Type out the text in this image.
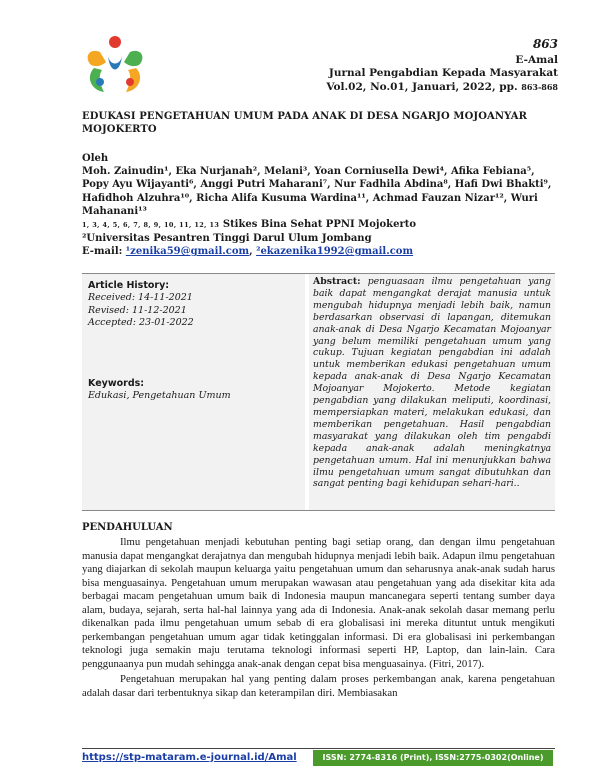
863
E-Amal
Jurnal Pengabdian Kepada Masyarakat
Vol.02, No.01, Januari, 2022, pp. 863-868
EDUKASI PENGETAHUAN UMUM PADA ANAK DI DESA NGARJO MOJOANYAR MOJOKERTO

Oleh

Moh. Zainudin¹, Eka Nurjanah², Melani³, Yoan Corniusella Dewi⁴, Afika Febiana⁵, Popy Ayu Wijayanti⁶, Anggi Putri Maharani⁷, Nur Fadhila Abdina⁸, Hafi Dwi Bhakti⁹, Hafidhoh Alzuhra¹⁰, Richa Alifa Kusuma Wardina¹¹, Achmad Fauzan Nizar¹², Wuri Mahanani¹³

1, 3, 4, 5, 6, 7, 8, 9, 10, 11, 12, 13 Stikes Bina Sehat PPNI Mojokerto

²Universitas Pesantren Tinggi Darul Ulum Jombang

E-mail: ¹zenika59@gmail.com, ²ekazenika1992@gmail.com

Article History:
Received: 14-11-2021
Revised: 11-12-2021
Accepted: 23-01-2022
Keywords:
Edukasi, Pengetahuan Umum
Abstract: penguasaan ilmu pengetahuan yang baik dapat mengangkat derajat manusia untuk mengubah hidupnya menjadi lebih baik, namun berdasarkan observasi di lapangan, ditemukan anak-anak di Desa Ngarjo Kecamatan Mojoanyar yang belum memiliki pengetahuan umum yang cukup. Tujuan kegiatan pengabdian ini adalah untuk memberikan edukasi pengetahuan umum kepada anak-anak di Desa Ngarjo Kecamatan Mojoanyar Mojokerto. Metode kegiatan pengabdian yang dilakukan meliputi, koordinasi, mempersiapkan materi, melakukan edukasi, dan memberikan pengetahuan. Hasil pengabdian masyarakat yang dilakukan oleh tim pengabdi kepada anak-anak adalah meningkatnya pengetahuan umum. Hal ini menunjukkan bahwa ilmu pengetahuan umum sangat dibutuhkan dan sangat penting bagi kehidupan sehari-hari..
PENDAHULUAN

Ilmu pengetahuan menjadi kebutuhan penting bagi setiap orang, dan dengan ilmu pengetahuan manusia dapat mengangkat derajatnya dan mengubah hidupnya menjadi lebih baik. Adapun ilmu pengetahuan yang diajarkan di sekolah maupun keluarga yaitu pengetahuan umum dan seharusnya anak-anak sudah harus bisa menguasainya. Pengetahuan umum merupakan wawasan atau pengetahuan yang ada disekitar kita ada berbagai macam pengetahuan umum baik di Indonesia maupun mancanegara seperti tentang sumber daya alam, budaya, sejarah, serta hal-hal lainnya yang ada di Indonesia. Anak-anak sekolah dasar memang perlu dikenalkan pada ilmu pengetahuan umum sebab di era globalisasi ini mereka dituntut untuk mengikuti perkembangan pengetahuan umum agar tidak ketinggalan informasi. Di era globalisasi ini perkembangan teknologi juga semakin maju terutama teknologi informasi seperti HP, Laptop, dan lain-lain. Cara penggunaanya pun mudah sehingga anak-anak dengan cepat bisa menguasainya. (Fitri, 2017).

Pengetahuan merupakan hal yang penting dalam proses perkembangan anak, karena pengetahuan adalah dasar dari terbentuknya sikap dan keterampilan diri. Membiasakan

https://stp-mataram.e-journal.id/Amal	ISSN: 2774-8316 (Print), ISSN:2775-0302(Online)
